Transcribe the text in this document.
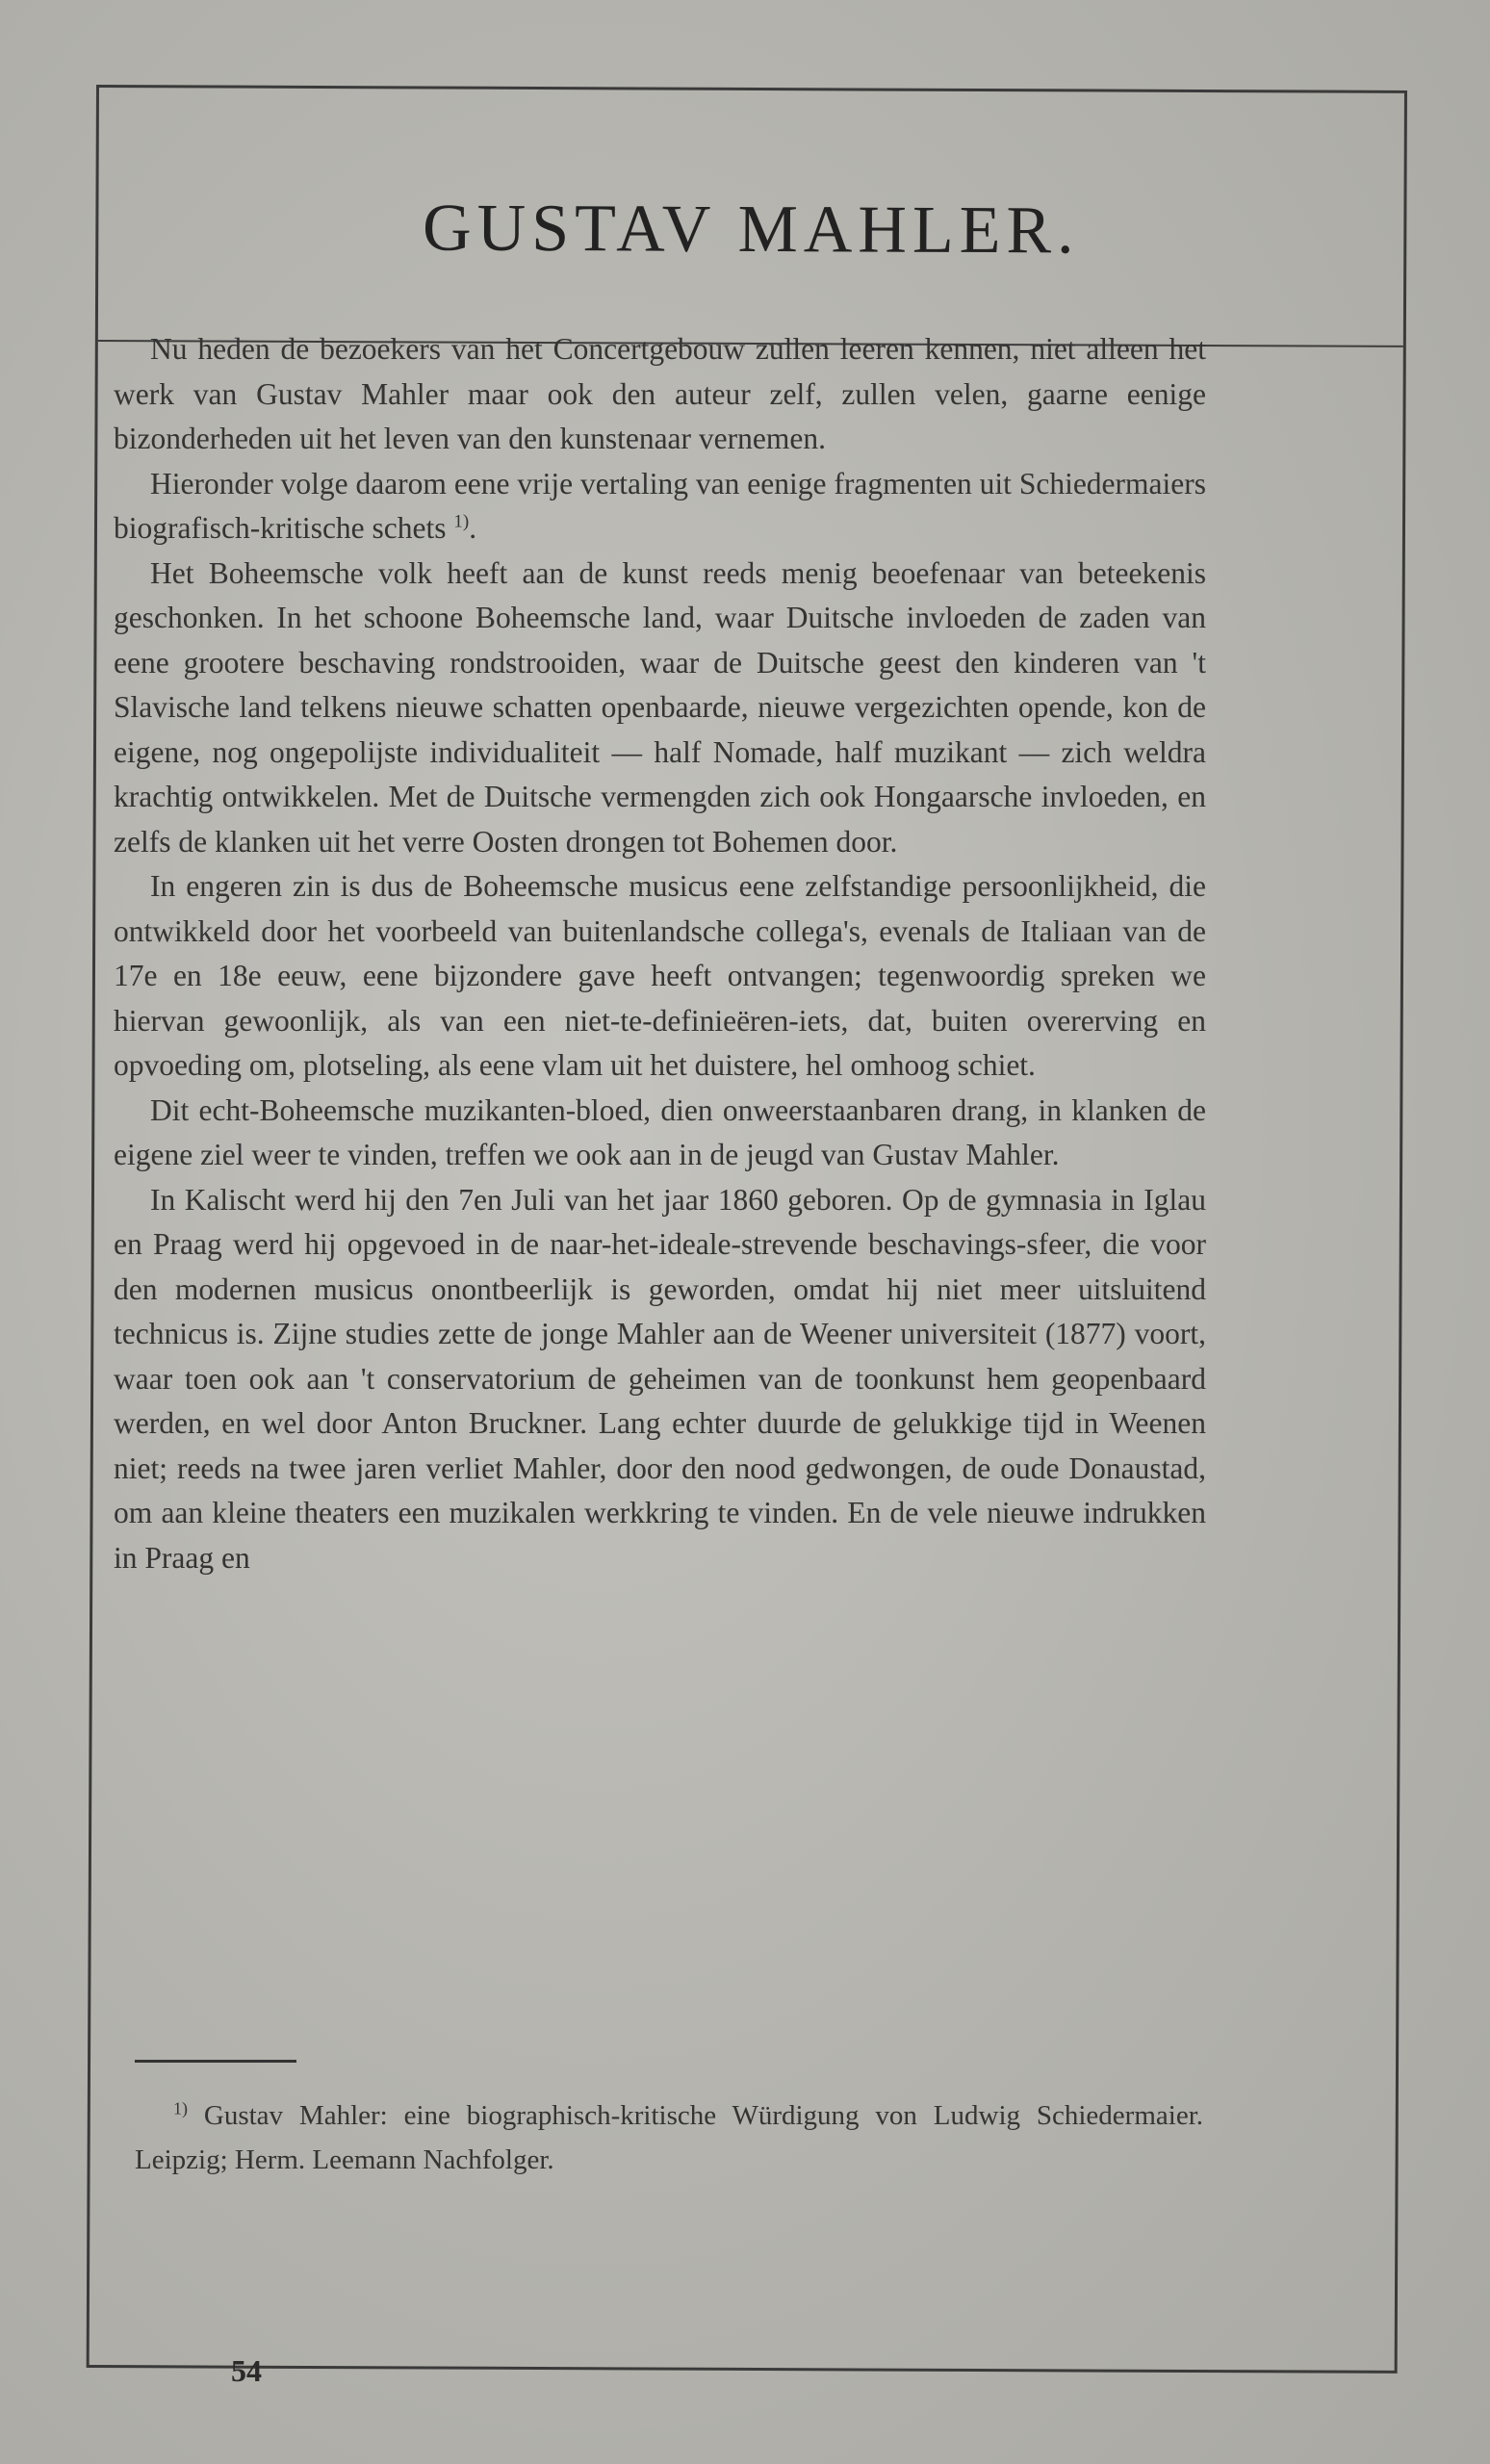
GUSTAV MAHLER.

Nu heden de bezoekers van het Concertgebouw zullen leeren kennen, niet alleen het werk van Gustav Mahler maar ook den auteur zelf, zullen velen, gaarne eenige bizonderheden uit het leven van den kunstenaar vernemen.

Hieronder volge daarom eene vrije vertaling van eenige fragmenten uit Schiedermaiers biografisch-kritische schets $^{1)}$.

Het Boheemsche volk heeft aan de kunst reeds menig beoefenaar van beteekenis geschonken. In het schoone Boheemsche land, waar Duitsche invloeden de zaden van eene grootere beschaving rondstrooiden, waar de Duitsche geest den kinderen van 't Slavische land telkens nieuwe schatten openbaarde, nieuwe vergezichten opende, kon de eigene, nog ongepolijste individualiteit — half Nomade, half muzikant — zich weldra krachtig ontwikkelen. Met de Duitsche vermengden zich ook Hongaarsche invloeden, en zelfs de klanken uit het verre Oosten drongen tot Bohemen door.

In engeren zin is dus de Boheemsche musicus eene zelfstandige persoonlijkheid, die ontwikkeld door het voorbeeld van buitenlandsche collega's, evenals de Italiaan van de 17e en 18e eeuw, eene bijzondere gave heeft ontvangen; tegenwoordig spreken we hiervan gewoonlijk, als van een niet-te-definieëren-iets, dat, buiten overerving en opvoeding om, plotseling, als eene vlam uit het duistere, hel omhoog schiet.

Dit echt-Boheemsche muzikanten-bloed, dien onweerstaanbaren drang, in klanken de eigene ziel weer te vinden, treffen we ook aan in de jeugd van Gustav Mahler.

In Kalischt werd hij den 7en Juli van het jaar 1860 geboren. Op de gymnasia in Iglau en Praag werd hij opgevoed in de naar-het-ideale-strevende beschavings-sfeer, die voor den modernen musicus onontbeerlijk is geworden, omdat hij niet meer uitsluitend technicus is. Zijne studies zette de jonge Mahler aan de Weener universiteit (1877) voort, waar toen ook aan 't conservatorium de geheimen van de toonkunst hem geopenbaard werden, en wel door Anton Bruckner. Lang echter duurde de gelukkige tijd in Weenen niet; reeds na twee jaren verliet Mahler, door den nood gedwongen, de oude Donaustad, om aan kleine theaters een muzikalen werkkring te vinden. En de vele nieuwe indrukken in Praag en

$^{1)}$ Gustav Mahler: eine biographisch-kritische Würdigung von Ludwig Schiedermaier. Leipzig; Herm. Leemann Nachfolger.

54
